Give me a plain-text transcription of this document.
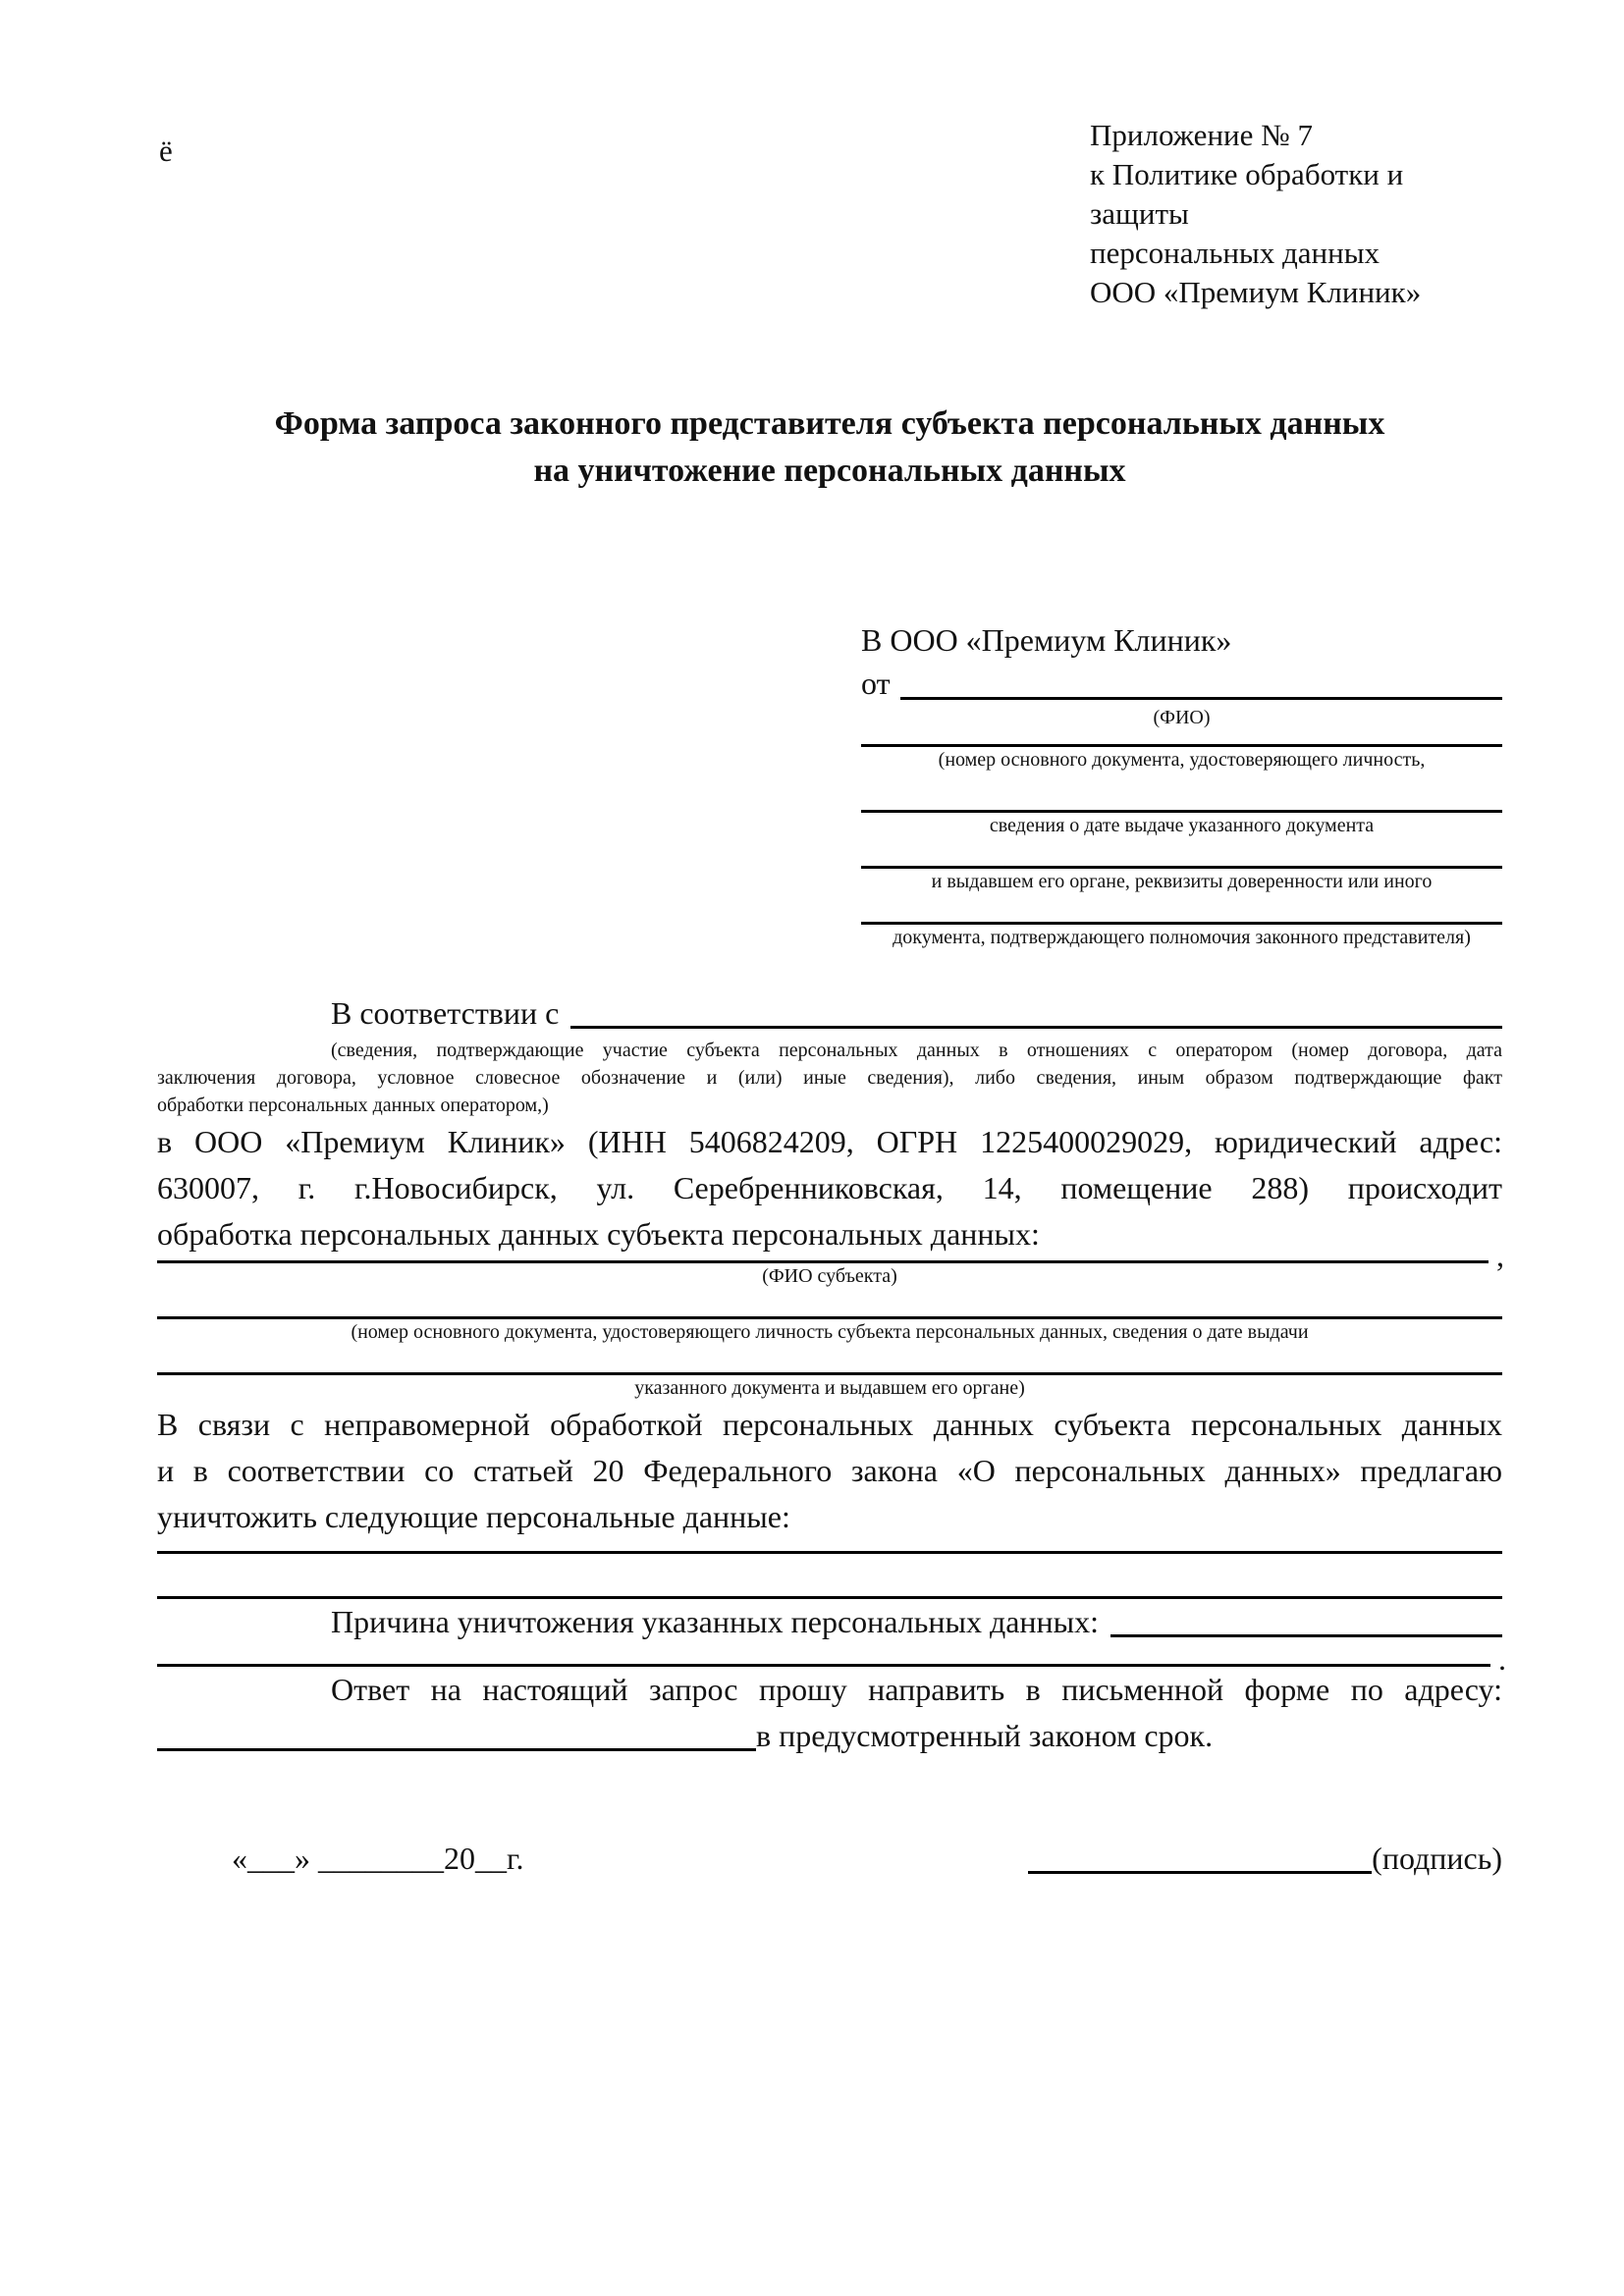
ё	Приложение № 7
к Политике обработки и защиты
персональных данных
ООО «Премиум Клиник»
Форма запроса законного представителя субъекта персональных данных
на уничтожение персональных данных
В ООО «Премиум Клиник»
от
(ФИО)
(номер основного документа, удостоверяющего личность,
сведения о дате выдаче указанного документа
и выдавшем его органе, реквизиты доверенности или иного
документа, подтверждающего полномочия законного представителя)
В соответствии с
(сведения, подтверждающие участие субъекта персональных данных в отношениях с оператором (номер договора, дата
заключения договора, условное словесное обозначение и (или) иные сведения), либо сведения, иным образом подтверждающие факт
обработки персональных данных оператором,)
в ООО «Премиум Клиник» (ИНН 5406824209, ОГРН 1225400029029, юридический адрес:
630007, г. г.Новосибирск, ул. Серебренниковская, 14, помещение 288) происходит
обработка персональных данных субъекта персональных данных:
,
(ФИО субъекта)
(номер основного документа, удостоверяющего личность субъекта персональных данных, сведения о дате выдачи
указанного документа и выдавшем его органе)
В связи с неправомерной обработкой персональных данных субъекта персональных данных
и в соответствии со статьей 20 Федерального закона «О персональных данных» предлагаю
уничтожить следующие персональные данные:
Причина уничтожения указанных персональных данных:
.
Ответ на настоящий запрос прошу направить в письменной форме по адресу:
в предусмотренный законом срок.
«___» ________20__г.	(подпись)
